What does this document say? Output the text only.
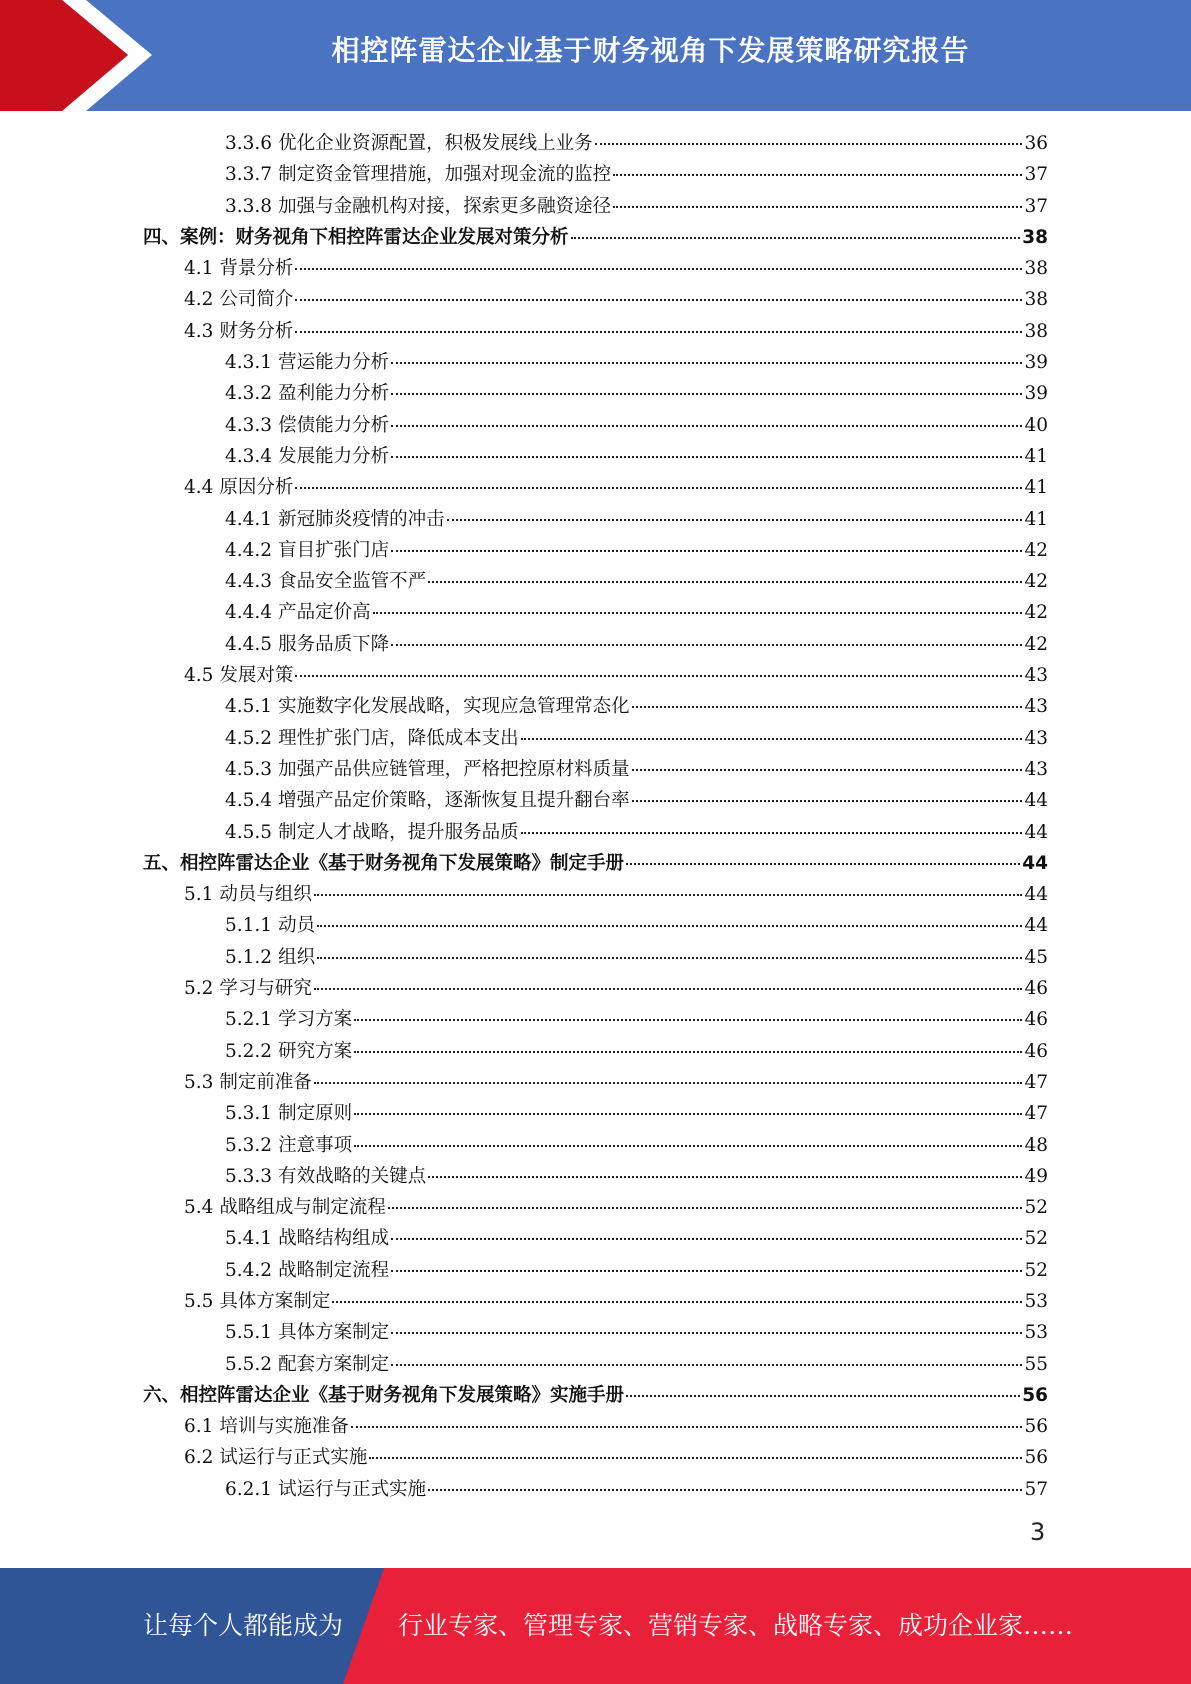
相控阵雷达企业基于财务视角下发展策略研究报告
3.3.6 优化企业资源配置，积极发展线上业务	36
3.3.7 制定资金管理措施，加强对现金流的监控	37
3.3.8 加强与金融机构对接，探索更多融资途径	37
四、案例：财务视角下相控阵雷达企业发展对策分析	38
4.1 背景分析	38
4.2 公司简介	38
4.3 财务分析	38
4.3.1 营运能力分析	39
4.3.2 盈利能力分析	39
4.3.3 偿债能力分析	40
4.3.4 发展能力分析	41
4.4 原因分析	41
4.4.1 新冠肺炎疫情的冲击	41
4.4.2 盲目扩张门店	42
4.4.3 食品安全监管不严	42
4.4.4 产品定价高	42
4.4.5 服务品质下降	42
4.5 发展对策	43
4.5.1 实施数字化发展战略，实现应急管理常态化	43
4.5.2 理性扩张门店，降低成本支出	43
4.5.3 加强产品供应链管理，严格把控原材料质量	43
4.5.4 增强产品定价策略，逐渐恢复且提升翻台率	44
4.5.5 制定人才战略，提升服务品质	44
五、相控阵雷达企业《基于财务视角下发展策略》制定手册	44
5.1 动员与组织	44
5.1.1 动员	44
5.1.2 组织	45
5.2 学习与研究	46
5.2.1 学习方案	46
5.2.2 研究方案	46
5.3 制定前准备	47
5.3.1 制定原则	47
5.3.2 注意事项	48
5.3.3 有效战略的关键点	49
5.4 战略组成与制定流程	52
5.4.1 战略结构组成	52
5.4.2 战略制定流程	52
5.5 具体方案制定	53
5.5.1 具体方案制定	53
5.5.2 配套方案制定	55
六、相控阵雷达企业《基于财务视角下发展策略》实施手册	56
6.1 培训与实施准备	56
6.2 试运行与正式实施	56
6.2.1 试运行与正式实施	57
3
让每个人都能成为 行业专家、管理专家、营销专家、战略专家、成功企业家……
